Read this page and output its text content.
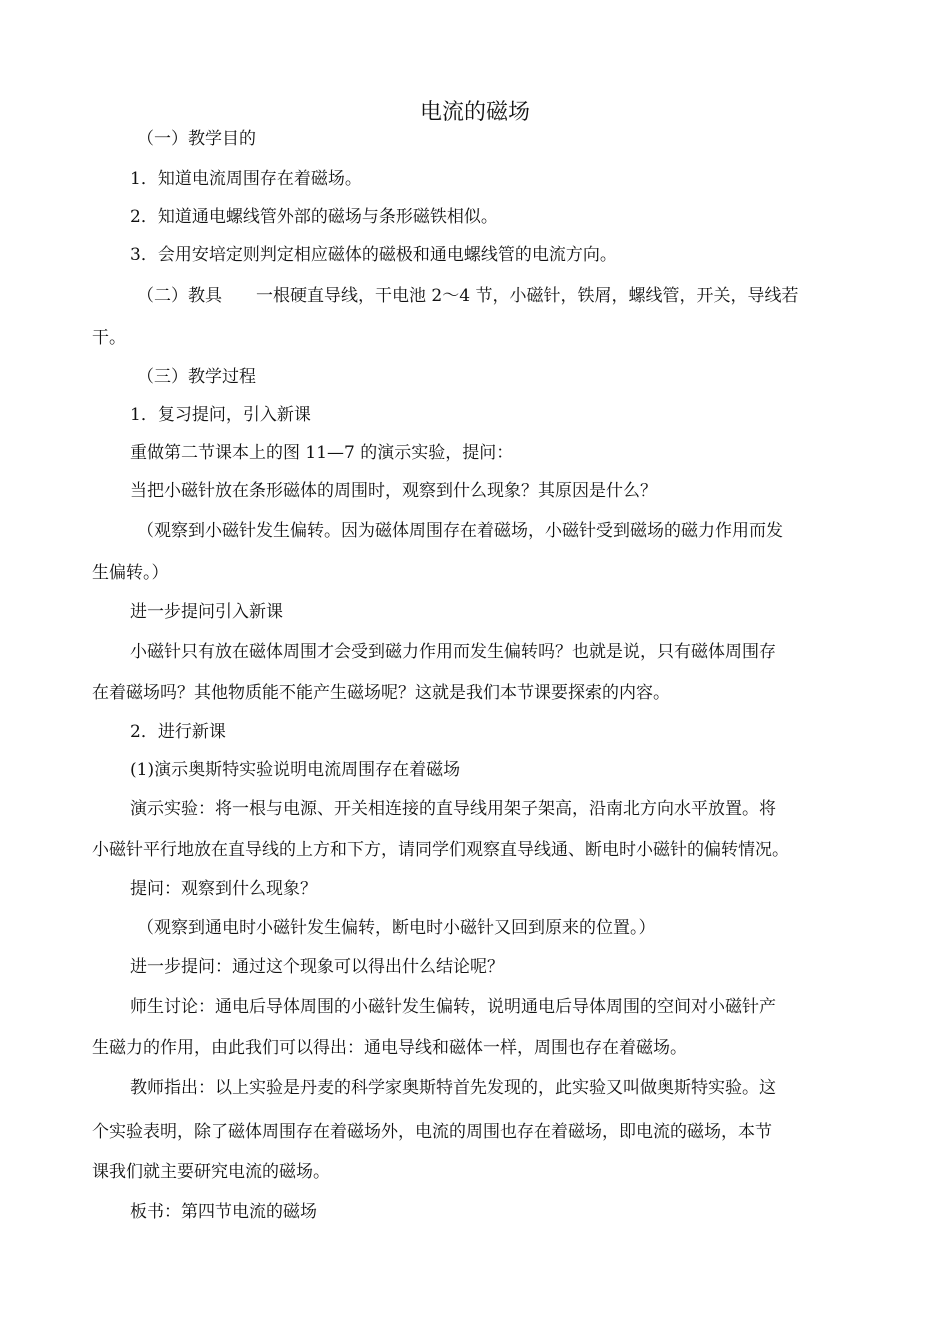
电流的磁场
（一）教学目的
1．知道电流周围存在着磁场。
2．知道通电螺线管外部的磁场与条形磁铁相似。
3．会用安培定则判定相应磁体的磁极和通电螺线管的电流方向。
（二）教具　　一根硬直导线，干电池 2～4 节，小磁针，铁屑，螺线管，开关，导线若
干。
（三）教学过程
1．复习提问，引入新课
重做第二节课本上的图 11—7 的演示实验，提问：
当把小磁针放在条形磁体的周围时，观察到什么现象？其原因是什么？
（观察到小磁针发生偏转。因为磁体周围存在着磁场，小磁针受到磁场的磁力作用而发
生偏转。）
进一步提问引入新课
小磁针只有放在磁体周围才会受到磁力作用而发生偏转吗？也就是说，只有磁体周围存
在着磁场吗？其他物质能不能产生磁场呢？这就是我们本节课要探索的内容。
2．进行新课
(1)演示奥斯特实验说明电流周围存在着磁场
演示实验：将一根与电源、开关相连接的直导线用架子架高，沿南北方向水平放置。将
小磁针平行地放在直导线的上方和下方，请同学们观察直导线通、断电时小磁针的偏转情况。
提问：观察到什么现象？
（观察到通电时小磁针发生偏转，断电时小磁针又回到原来的位置。）
进一步提问：通过这个现象可以得出什么结论呢？
师生讨论：通电后导体周围的小磁针发生偏转，说明通电后导体周围的空间对小磁针产
生磁力的作用，由此我们可以得出：通电导线和磁体一样，周围也存在着磁场。
教师指出：以上实验是丹麦的科学家奥斯特首先发现的，此实验又叫做奥斯特实验。这
个实验表明，除了磁体周围存在着磁场外，电流的周围也存在着磁场，即电流的磁场，本节
课我们就主要研究电流的磁场。
板书：第四节电流的磁场
